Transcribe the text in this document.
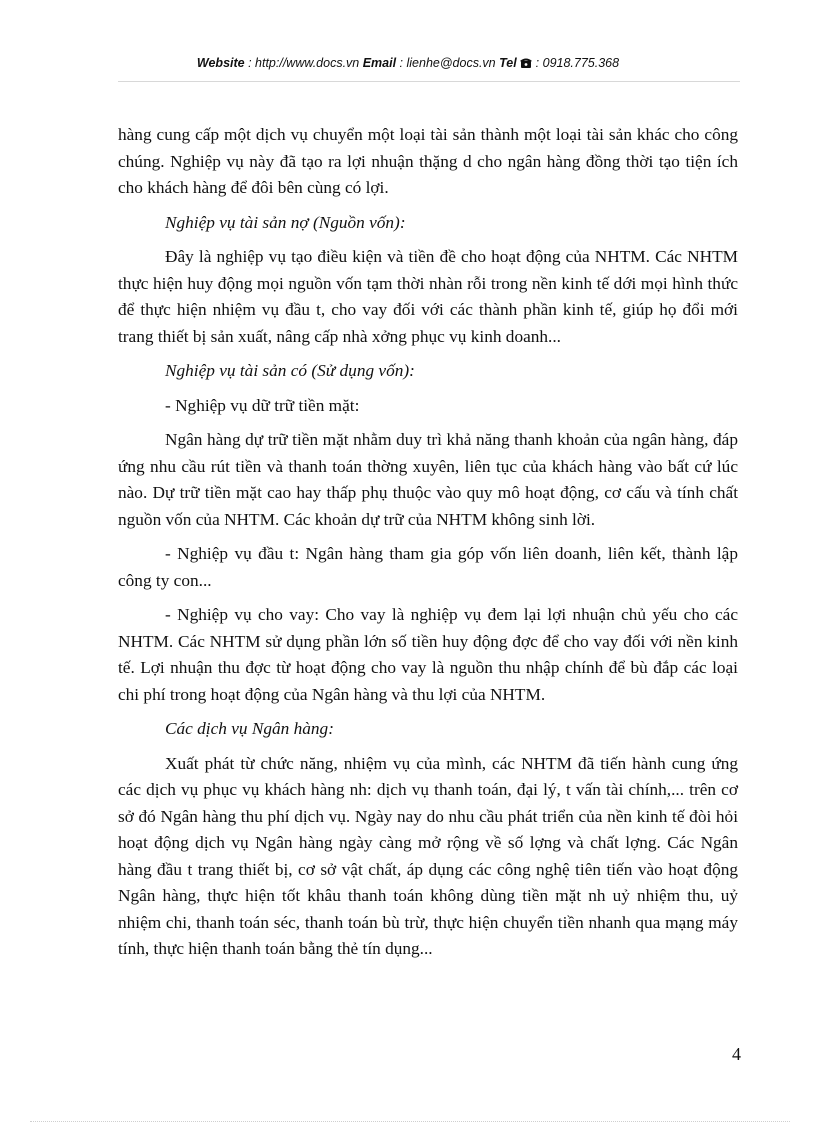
Website : http://www.docs.vn Email : lienhe@docs.vn Tel  : 0918.775.368

hàng cung cấp một dịch vụ chuyển một loại tài sản thành một loại tài sản khác cho công chúng. Nghiệp vụ này đã tạo ra lợi nhuận thặng d cho ngân hàng đồng thời tạo tiện ích cho khách hàng để đôi bên cùng có lợi.

Nghiệp vụ tài sản nợ (Nguồn vốn):

Đây là nghiệp vụ tạo điều kiện và tiền đề cho hoạt động của NHTM. Các NHTM thực hiện huy động mọi nguồn vốn tạm thời nhàn rỗi trong nền kinh tế dới mọi hình thức để thực hiện nhiệm vụ đầu t, cho vay đối với các thành phần kinh tế, giúp họ đổi mới trang thiết bị sản xuất, nâng cấp nhà xởng phục vụ kinh doanh...

Nghiệp vụ tài sản có (Sử dụng vốn):

- Nghiệp vụ dữ trữ tiền mặt:

Ngân hàng dự trữ tiền mặt nhằm duy trì khả năng thanh khoản của ngân hàng, đáp ứng nhu cầu rút tiền và thanh toán thờng xuyên, liên tục của khách hàng vào bất cứ lúc nào. Dự trữ tiền mặt cao hay thấp phụ thuộc vào quy mô hoạt động, cơ cấu và tính chất nguồn vốn của NHTM. Các khoản dự trữ của NHTM không sinh lời.

- Nghiệp vụ đầu t: Ngân hàng tham gia góp vốn liên doanh, liên kết, thành lập công ty con...

- Nghiệp vụ cho vay: Cho vay là nghiệp vụ đem lại lợi nhuận chủ yếu cho các NHTM. Các NHTM sử dụng phần lớn số tiền huy động đợc để cho vay đối với nền kinh tế. Lợi nhuận thu đợc từ hoạt động cho vay là nguồn thu nhập chính để bù đắp các loại chi phí trong hoạt động của Ngân hàng và thu lợi của NHTM.

Các dịch vụ Ngân hàng:

Xuất phát từ chức năng, nhiệm vụ của mình, các NHTM đã tiến hành cung ứng các dịch vụ phục vụ khách hàng nh: dịch vụ thanh toán, đại lý, t vấn tài chính,... trên cơ sở đó Ngân hàng thu phí dịch vụ. Ngày nay do nhu cầu phát triển của nền kinh tế đòi hỏi hoạt động dịch vụ Ngân hàng ngày càng mở rộng về số lợng và chất lợng. Các Ngân hàng đầu t trang thiết bị, cơ sở vật chất, áp dụng các công nghệ tiên tiến vào hoạt động Ngân hàng, thực hiện tốt khâu thanh toán không dùng tiền mặt nh uỷ nhiệm thu, uỷ nhiệm chi, thanh toán séc, thanh toán bù trừ, thực hiện chuyển tiền nhanh qua mạng máy tính, thực hiện thanh toán bằng thẻ tín dụng...

4
